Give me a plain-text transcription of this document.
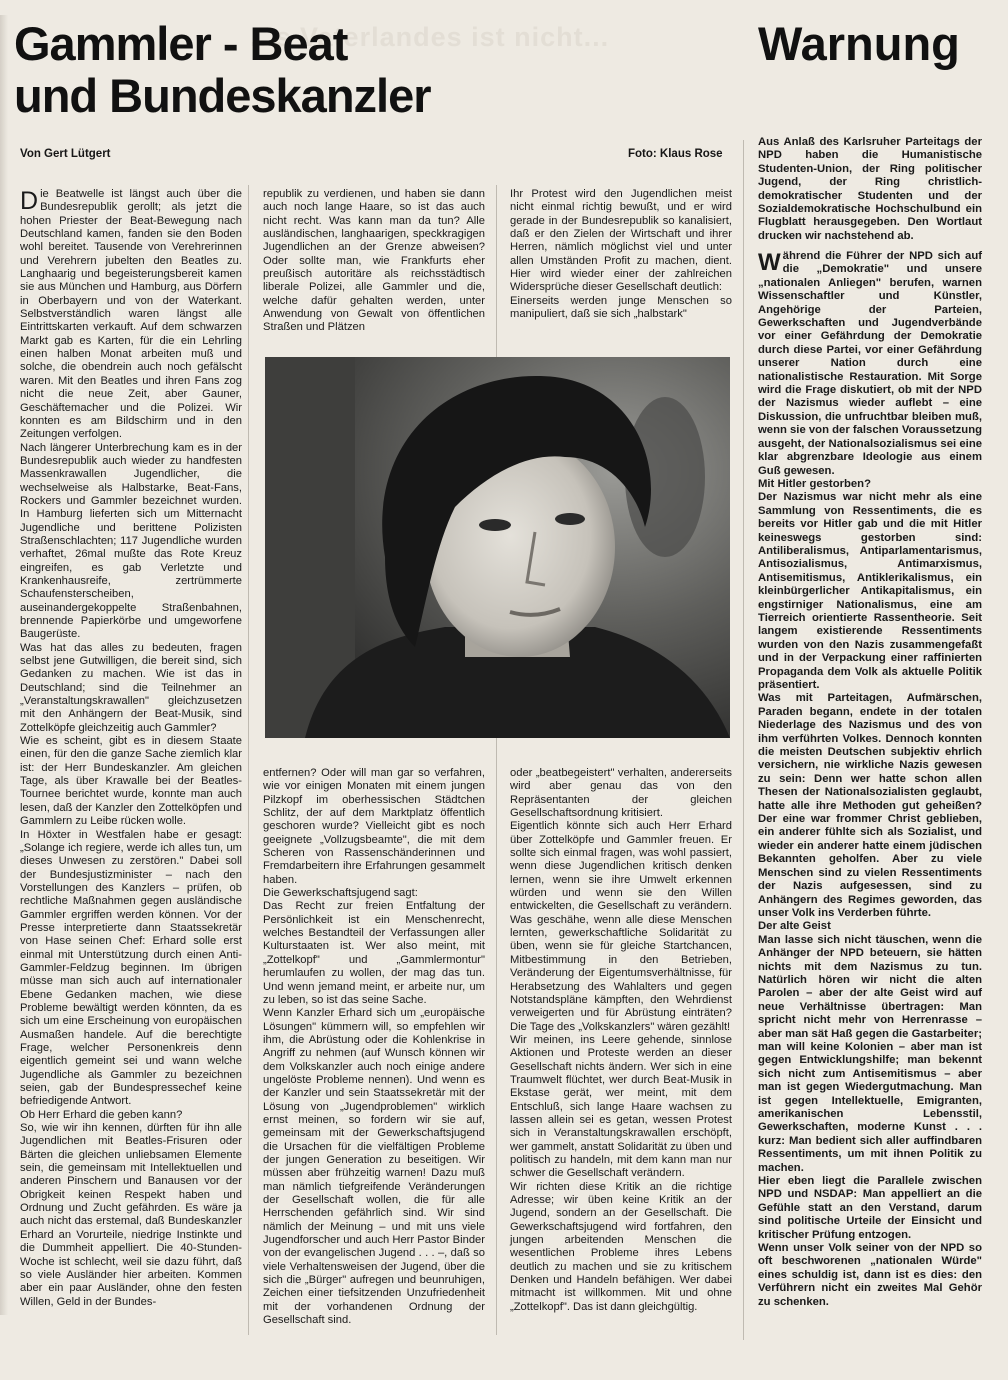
...s Vaterlandes ist nicht...
Gammler - Beat
und Bundeskanzler
Warnung
Von Gert Lütgert	Foto: Klaus Rose

Die Beatwelle ist längst auch über die Bundesrepublik gerollt; als jetzt die hohen Priester der Beat-Bewegung nach Deutschland kamen, fanden sie den Boden wohl bereitet. Tausende von Verehrerinnen und Verehrern jubelten den Beatles zu. Langhaarig und begeisterungsbereit kamen sie aus München und Hamburg, aus Dörfern in Oberbayern und von der Waterkant. Selbstverständlich waren längst alle Eintrittskarten verkauft. Auf dem schwarzen Markt gab es Karten, für die ein Lehrling einen halben Monat arbeiten muß und solche, die obendrein auch noch gefälscht waren. Mit den Beatles und ihren Fans zog nicht die neue Zeit, aber Gauner, Geschäftemacher und die Polizei. Wir konnten es am Bildschirm und in den Zeitungen verfolgen.

Nach längerer Unterbrechung kam es in der Bundesrepublik auch wieder zu handfesten Massenkrawallen Jugendlicher, die wechselweise als Halbstarke, Beat-Fans, Rockers und Gammler bezeichnet wurden. In Hamburg lieferten sich um Mitternacht Jugendliche und berittene Polizisten Straßenschlachten; 117 Jugendliche wurden verhaftet, 26mal mußte das Rote Kreuz eingreifen, es gab Verletzte und Krankenhausreife, zertrümmerte Schaufensterscheiben, auseinandergekoppelte Straßenbahnen, brennende Papierkörbe und umgeworfene Baugerüste.

Was hat das alles zu bedeuten, fragen selbst jene Gutwilligen, die bereit sind, sich Gedanken zu machen. Wie ist das in Deutschland; sind die Teilnehmer an „Veranstaltungskrawallen" gleichzusetzen mit den Anhängern der Beat-Musik, sind Zottelköpfe gleichzeitig auch Gammler?

Wie es scheint, gibt es in diesem Staate einen, für den die ganze Sache ziemlich klar ist: der Herr Bundeskanzler. Am gleichen Tage, als über Krawalle bei der Beatles-Tournee berichtet wurde, konnte man auch lesen, daß der Kanzler den Zottelköpfen und Gammlern zu Leibe rücken wolle.

In Höxter in Westfalen habe er gesagt: „Solange ich regiere, werde ich alles tun, um dieses Unwesen zu zerstören." Dabei soll der Bundesjustizminister – nach den Vorstellungen des Kanzlers – prüfen, ob rechtliche Maßnahmen gegen ausländische Gammler ergriffen werden können. Vor der Presse interpretierte dann Staatssekretär von Hase seinen Chef: Erhard solle erst einmal mit Unterstützung durch einen Anti-Gammler-Feldzug beginnen. Im übrigen müsse man sich auch auf internationaler Ebene Gedanken machen, wie diese Probleme bewältigt werden könnten, da es sich um eine Erscheinung von europäischen Ausmaßen handele. Auf die berechtigte Frage, welcher Personenkreis denn eigentlich gemeint sei und wann welche Jugendliche als Gammler zu bezeichnen seien, gab der Bundespressechef keine befriedigende Antwort.

Ob Herr Erhard die geben kann?

So, wie wir ihn kennen, dürften für ihn alle Jugendlichen mit Beatles-Frisuren oder Bärten die gleichen unliebsamen Elemente sein, die gemeinsam mit Intellektuellen und anderen Pinschern und Banausen vor der Obrigkeit keinen Respekt haben und Ordnung und Zucht gefährden. Es wäre ja auch nicht das erstemal, daß Bundeskanzler Erhard an Vorurteile, niedrige Instinkte und die Dummheit appelliert. Die 40-Stunden-Woche ist schlecht, weil sie dazu führt, daß so viele Ausländer hier arbeiten. Kommen aber ein paar Ausländer, ohne den festen Willen, Geld in der Bundes-

republik zu verdienen, und haben sie dann auch noch lange Haare, so ist das auch nicht recht. Was kann man da tun? Alle ausländischen, langhaarigen, speckkragigen Jugendlichen an der Grenze abweisen? Oder sollte man, wie Frankfurts eher preußisch autoritäre als reichsstädtisch liberale Polizei, alle Gammler und die, welche dafür gehalten werden, unter Anwendung von Gewalt von öffentlichen Straßen und Plätzen

Ihr Protest wird den Jugendlichen meist nicht einmal richtig bewußt, und er wird gerade in der Bundesrepublik so kanalisiert, daß er den Zielen der Wirtschaft und ihrer Herren, nämlich möglichst viel und unter allen Umständen Profit zu machen, dient. Hier wird wieder einer der zahlreichen Widersprüche dieser Gesellschaft deutlich:

Einerseits werden junge Menschen so manipuliert, daß sie sich „halbstark"

entfernen? Oder will man gar so verfahren, wie vor einigen Monaten mit einem jungen Pilzkopf im oberhessischen Städtchen Schlitz, der auf dem Marktplatz öffentlich geschoren wurde? Vielleicht gibt es noch geeignete „Vollzugsbeamte", die mit dem Scheren von Rassenschänderinnen und Fremdarbeitern ihre Erfahrungen gesammelt haben.

Die Gewerkschaftsjugend sagt:

Das Recht zur freien Entfaltung der Persönlichkeit ist ein Menschenrecht, welches Bestandteil der Verfassungen aller Kulturstaaten ist. Wer also meint, mit „Zottelkopf" und „Gammlermontur" herumlaufen zu wollen, der mag das tun. Und wenn jemand meint, er arbeite nur, um zu leben, so ist das seine Sache.

Wenn Kanzler Erhard sich um „europäische Lösungen" kümmern will, so empfehlen wir ihm, die Abrüstung oder die Kohlenkrise in Angriff zu nehmen (auf Wunsch können wir dem Volkskanzler auch noch einige andere ungelöste Probleme nennen). Und wenn es der Kanzler und sein Staatssekretär mit der Lösung von „Jugendproblemen" wirklich ernst meinen, so fordern wir sie auf, gemeinsam mit der Gewerkschaftsjugend die Ursachen für die vielfältigen Probleme der jungen Generation zu beseitigen. Wir müssen aber frühzeitig warnen! Dazu muß man nämlich tiefgreifende Veränderungen der Gesellschaft wollen, die für alle Herrschenden gefährlich sind. Wir sind nämlich der Meinung – und mit uns viele Jugendforscher und auch Herr Pastor Binder von der evangelischen Jugend . . . –, daß so viele Verhaltensweisen der Jugend, über die sich die „Bürger" aufregen und beunruhigen, Zeichen einer tiefsitzenden Unzufriedenheit mit der vorhandenen Ordnung der Gesellschaft sind.

oder „beatbegeistert" verhalten, andererseits wird aber genau das von den Repräsentanten der gleichen Gesellschaftsordnung kritisiert.

Eigentlich könnte sich auch Herr Erhard über Zottelköpfe und Gammler freuen. Er sollte sich einmal fragen, was wohl passiert, wenn diese Jugendlichen kritisch denken lernen, wenn sie ihre Umwelt erkennen würden und wenn sie den Willen entwickelten, die Gesellschaft zu verändern. Was geschähe, wenn alle diese Menschen lernten, gewerkschaftliche Solidarität zu üben, wenn sie für gleiche Startchancen, Mitbestimmung in den Betrieben, Veränderung der Eigentumsverhältnisse, für Herabsetzung des Wahlalters und gegen Notstandspläne kämpften, den Wehrdienst verweigerten und für Abrüstung einträten? Die Tage des „Volkskanzlers" wären gezählt!

Wir meinen, ins Leere gehende, sinnlose Aktionen und Proteste werden an dieser Gesellschaft nichts ändern. Wer sich in eine Traumwelt flüchtet, wer durch Beat-Musik in Ekstase gerät, wer meint, mit dem Entschluß, sich lange Haare wachsen zu lassen allein sei es getan, wessen Protest sich in Veranstaltungskrawallen erschöpft, wer gammelt, anstatt Solidarität zu üben und politisch zu handeln, mit dem kann man nur schwer die Gesellschaft verändern.

Wir richten diese Kritik an die richtige Adresse; wir üben keine Kritik an der Jugend, sondern an der Gesellschaft. Die Gewerkschaftsjugend wird fortfahren, den jungen arbeitenden Menschen die wesentlichen Probleme ihres Lebens deutlich zu machen und sie zu kritischem Denken und Handeln befähigen. Wer dabei mitmacht ist willkommen. Mit und ohne „Zottelkopf". Das ist dann gleichgültig.

Aus Anlaß des Karlsruher Parteitags der NPD haben die Humanistische Studenten-Union, der Ring politischer Jugend, der Ring christlich-demokratischer Studenten und der Sozialdemokratische Hochschulbund ein Flugblatt herausgegeben. Den Wortlaut drucken wir nachstehend ab.

Während die Führer der NPD sich auf die „Demokratie" und unsere „nationalen Anliegen" berufen, warnen Wissenschaftler und Künstler, Angehörige der Parteien, Gewerkschaften und Jugendverbände vor einer Gefährdung der Demokratie durch diese Partei, vor einer Gefährdung unserer Nation durch eine nationalistische Restauration. Mit Sorge wird die Frage diskutiert, ob mit der NPD der Nazismus wieder auflebt – eine Diskussion, die unfruchtbar bleiben muß, wenn sie von der falschen Voraussetzung ausgeht, der Nationalsozialismus sei eine klar abgrenzbare Ideologie aus einem Guß gewesen.

Mit Hitler gestorben?

Der Nazismus war nicht mehr als eine Sammlung von Ressentiments, die es bereits vor Hitler gab und die mit Hitler keineswegs gestorben sind: Antiliberalismus, Antiparlamentarismus, Antisozialismus, Antimarxismus, Antisemitismus, Antiklerikalismus, ein kleinbürgerlicher Antikapitalismus, ein engstirniger Nationalismus, eine am Tierreich orientierte Rassentheorie. Seit langem existierende Ressentiments wurden von den Nazis zusammengefaßt und in der Verpackung einer raffinierten Propaganda dem Volk als aktuelle Politik präsentiert.

Was mit Parteitagen, Aufmärschen, Paraden begann, endete in der totalen Niederlage des Nazismus und des von ihm verführten Volkes. Dennoch konnten die meisten Deutschen subjektiv ehrlich versichern, nie wirkliche Nazis gewesen zu sein: Denn wer hatte schon allen Thesen der Nationalsozialisten geglaubt, hatte alle ihre Methoden gut geheißen? Der eine war frommer Christ geblieben, ein anderer fühlte sich als Sozialist, und wieder ein anderer hatte einem jüdischen Bekannten geholfen. Aber zu viele Menschen sind zu vielen Ressentiments der Nazis aufgesessen, sind zu Anhängern des Regimes geworden, das unser Volk ins Verderben führte.

Der alte Geist

Man lasse sich nicht täuschen, wenn die Anhänger der NPD beteuern, sie hätten nichts mit dem Nazismus zu tun. Natürlich hören wir nicht die alten Parolen – aber der alte Geist wird auf neue Verhältnisse übertragen: Man spricht nicht mehr von Herrenrasse – aber man sät Haß gegen die Gastarbeiter; man will keine Kolonien – aber man ist gegen Entwicklungshilfe; man bekennt sich nicht zum Antisemitismus – aber man ist gegen Wiedergutmachung. Man ist gegen Intellektuelle, Emigranten, amerikanischen Lebensstil, Gewerkschaften, moderne Kunst . . . kurz: Man bedient sich aller auffindbaren Ressentiments, um mit ihnen Politik zu machen.

Hier eben liegt die Parallele zwischen NPD und NSDAP: Man appelliert an die Gefühle statt an den Verstand, darum sind politische Urteile der Einsicht und kritischer Prüfung entzogen.

Wenn unser Volk seiner von der NPD so oft beschworenen „nationalen Würde" eines schuldig ist, dann ist es dies: den Verführern nicht ein zweites Mal Gehör zu schenken.
